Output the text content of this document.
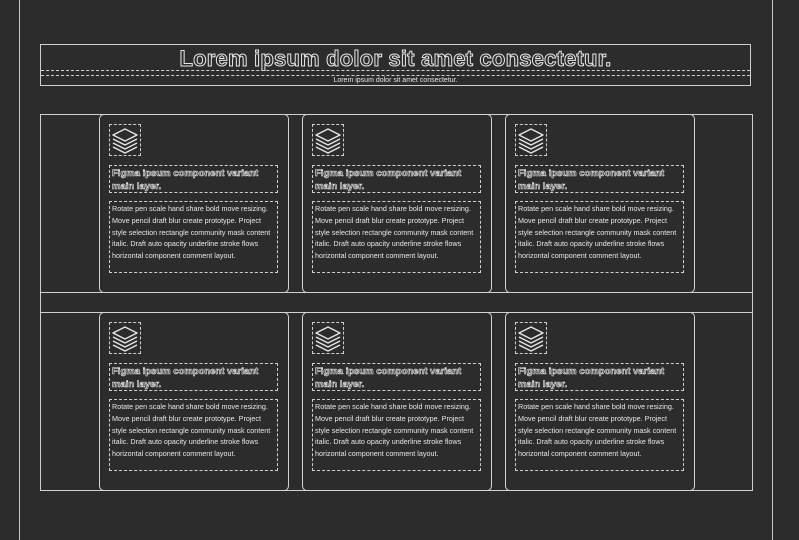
Lorem ipsum dolor sit amet consectetur.
Lorem ipsum dolor sit amet consectetur.
Figma ipsum component variant main layer.
Rotate pen scale hand share bold move resizing. Move pencil draft blur create prototype. Project style selection rectangle community mask content italic. Draft auto opacity underline stroke flows horizontal component comment layout.
Figma ipsum component variant main layer.
Rotate pen scale hand share bold move resizing. Move pencil draft blur create prototype. Project style selection rectangle community mask content italic. Draft auto opacity underline stroke flows horizontal component comment layout.
Figma ipsum component variant main layer.
Rotate pen scale hand share bold move resizing. Move pencil draft blur create prototype. Project style selection rectangle community mask content italic. Draft auto opacity underline stroke flows horizontal component comment layout.
Figma ipsum component variant main layer.
Rotate pen scale hand share bold move resizing. Move pencil draft blur create prototype. Project style selection rectangle community mask content italic. Draft auto opacity underline stroke flows horizontal component comment layout.
Figma ipsum component variant main layer.
Rotate pen scale hand share bold move resizing. Move pencil draft blur create prototype. Project style selection rectangle community mask content italic. Draft auto opacity underline stroke flows horizontal component comment layout.
Figma ipsum component variant main layer.
Rotate pen scale hand share bold move resizing. Move pencil draft blur create prototype. Project style selection rectangle community mask content italic. Draft auto opacity underline stroke flows horizontal component comment layout.
